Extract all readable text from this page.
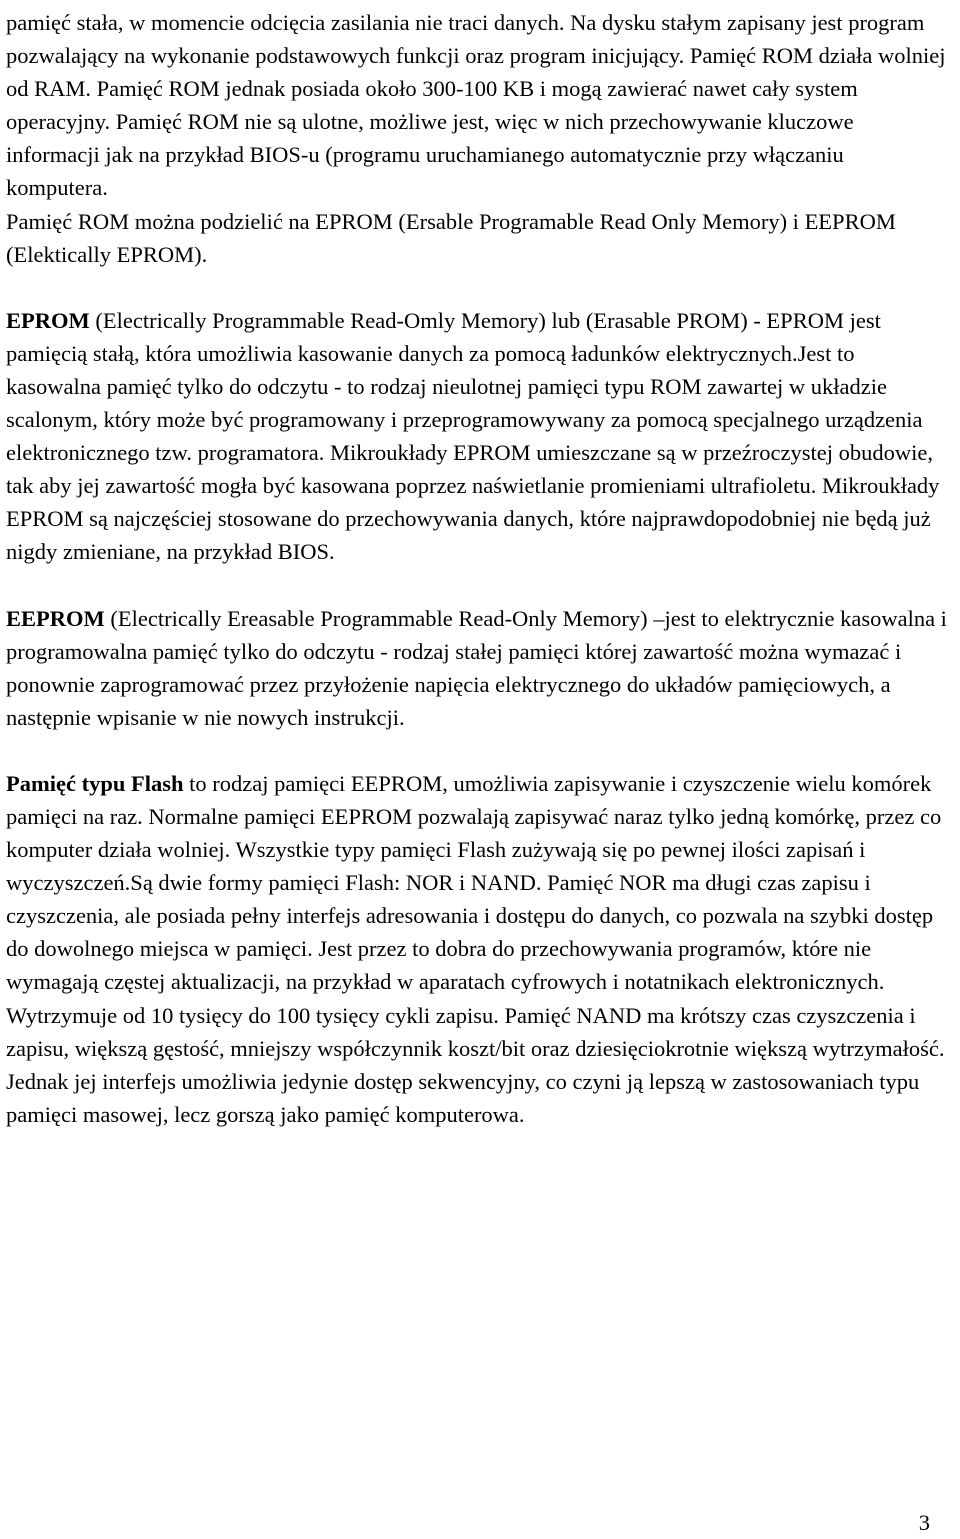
pamięć stała, w momencie odcięcia zasilania nie traci danych. Na dysku stałym zapisany jest program pozwalający na wykonanie podstawowych funkcji oraz program inicjujący. Pamięć ROM działa wolniej od RAM. Pamięć ROM jednak posiada około 300-100 KB i mogą zawierać nawet cały system operacyjny. Pamięć ROM nie są ulotne, możliwe jest, więc w nich przechowywanie kluczowe informacji jak na przykład BIOS-u (programu uruchamianego automatycznie przy włączaniu komputera.

Pamięć ROM można podzielić na EPROM (Ersable Programable Read Only Memory) i EEPROM (Elektically EPROM).

EPROM (Electrically Programmable Read-Omly Memory) lub (Erasable PROM) - EPROM jest pamięcią stałą, która umożliwia kasowanie danych za pomocą ładunków elektrycznych.Jest to kasowalna pamięć tylko do odczytu - to rodzaj nieulotnej pamięci typu ROM zawartej w układzie scalonym, który może być programowany i przeprogramowywany za pomocą specjalnego urządzenia elektronicznego tzw. programatora. Mikroukłady EPROM umieszczane są w przeźroczystej obudowie, tak aby jej zawartość mogła być kasowana poprzez naświetlanie promieniami ultrafioletu. Mikroukłady EPROM są najczęściej stosowane do przechowywania danych, które najprawdopodobniej nie będą już nigdy zmieniane, na przykład BIOS.

EEPROM (Electrically Ereasable Programmable Read-Only Memory) –jest to elektrycznie kasowalna i programowalna pamięć tylko do odczytu - rodzaj stałej pamięci której zawartość można wymazać i ponownie zaprogramować przez przyłożenie napięcia elektrycznego do układów pamięciowych, a następnie wpisanie w nie nowych instrukcji.

Pamięć typu Flash to rodzaj pamięci EEPROM, umożliwia zapisywanie i czyszczenie wielu komórek pamięci na raz. Normalne pamięci EEPROM pozwalają zapisywać naraz tylko jedną komórkę, przez co komputer działa wolniej. Wszystkie typy pamięci Flash zużywają się po pewnej ilości zapisań i wyczyszczeń.Są dwie formy pamięci Flash: NOR i NAND. Pamięć NOR ma długi czas zapisu i czyszczenia, ale posiada pełny interfejs adresowania i dostępu do danych, co pozwala na szybki dostęp do dowolnego miejsca w pamięci. Jest przez to dobra do przechowywania programów, które nie wymagają częstej aktualizacji, na przykład w aparatach cyfrowych i notatnikach elektronicznych. Wytrzymuje od 10 tysięcy do 100 tysięcy cykli zapisu. Pamięć NAND ma krótszy czas czyszczenia i zapisu, większą gęstość, mniejszy współczynnik koszt/bit oraz dziesięciokrotnie większą wytrzymałość. Jednak jej interfejs umożliwia jedynie dostęp sekwencyjny, co czyni ją lepszą w zastosowaniach typu pamięci masowej, lecz gorszą jako pamięć komputerowa.

3
